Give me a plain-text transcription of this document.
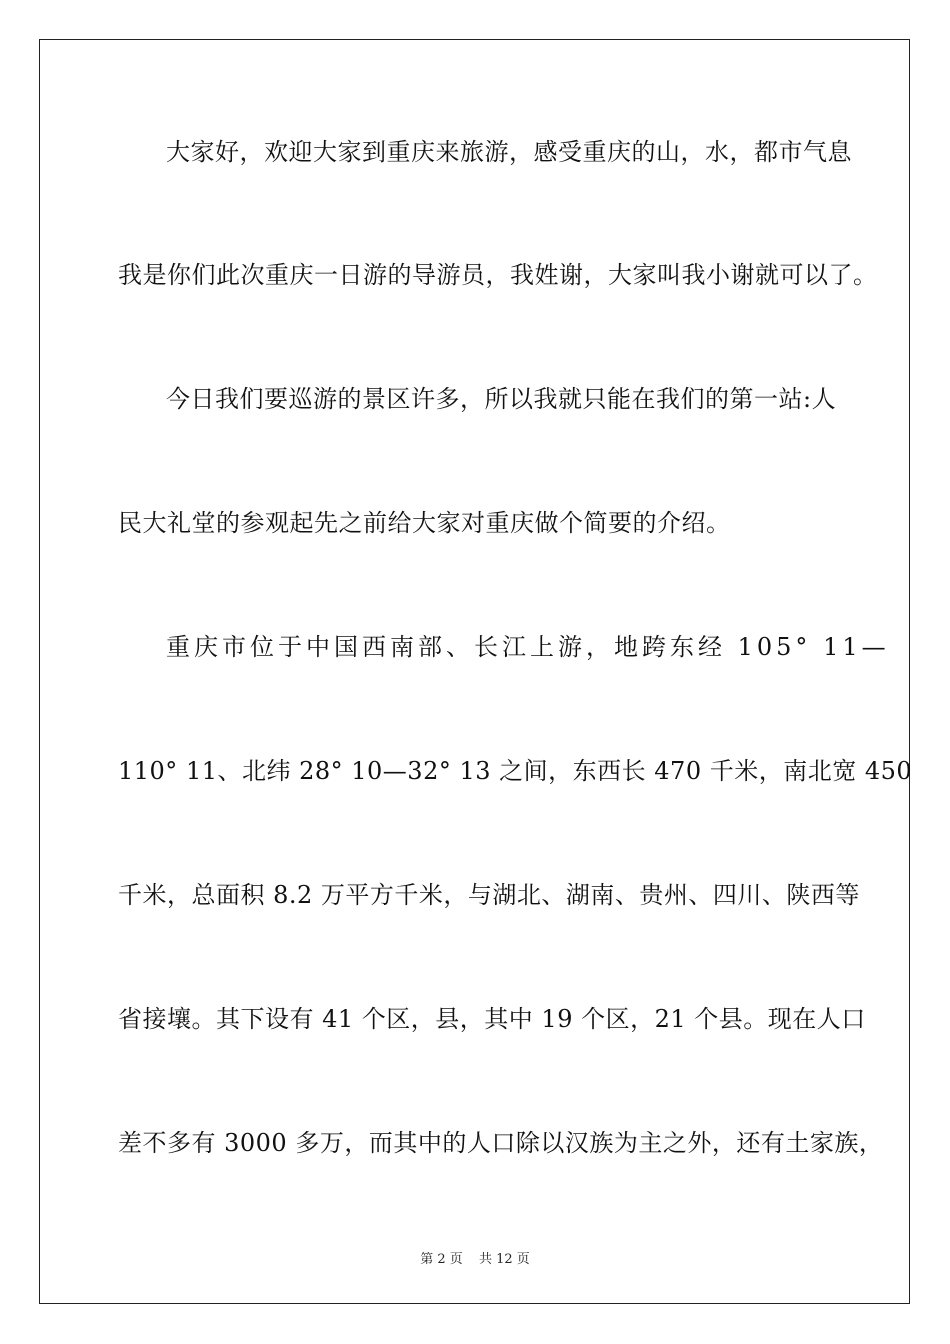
大家好，欢迎大家到重庆来旅游，感受重庆的山，水，都市气息
我是你们此次重庆一日游的导游员，我姓谢，大家叫我小谢就可以了。
今日我们要巡游的景区许多，所以我就只能在我们的第一站:人
民大礼堂的参观起先之前给大家对重庆做个简要的介绍。
重庆市位于中国西南部、长江上游，地跨东经 105° 11—
110° 11、北纬 28° 10—32° 13 之间，东西长 470 千米，南北宽 450
千米，总面积 8.2 万平方千米，与湖北、湖南、贵州、四川、陕西等
省接壤。其下设有 41 个区，县，其中 19 个区，21 个县。现在人口
差不多有 3000 多万，而其中的人口除以汉族为主之外，还有土家族，
第 2 页 共 12 页
